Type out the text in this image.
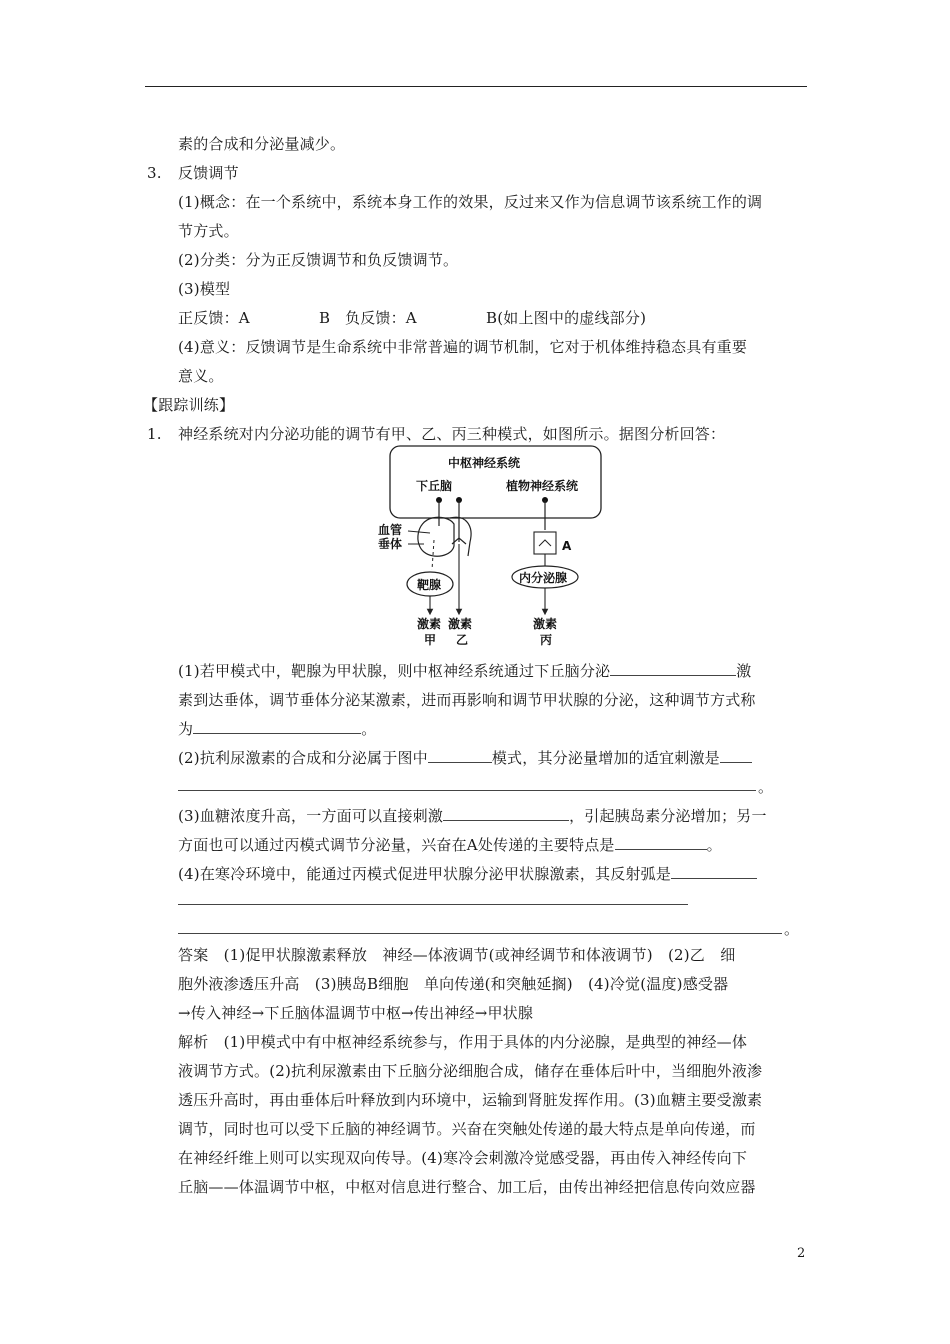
素的合成和分泌量减少。
3. 反馈调节
(1)概念：在一个系统中，系统本身工作的效果，反过来又作为信息调节该系统工作的调
节方式。
(2)分类：分为正反馈调节和负反馈调节。
(3)模型
正反馈：A	B 负反馈：A	B(如上图中的虚线部分)
(4)意义：反馈调节是生命系统中非常普遍的调节机制，它对于机体维持稳态具有重要
意义。
【跟踪训练】
1. 神经系统对内分泌功能的调节有甲、乙、丙三种模式，如图所示。据图分析回答：
中枢神经系统
下丘脑	植物神经系统
血管
垂体
靶腺
A
内分泌腺
激素 激素	激素
甲 乙	丙
(1)若甲模式中，靶腺为甲状腺，则中枢神经系统通过下丘脑分泌	激
素到达垂体，调节垂体分泌某激素，进而再影响和调节甲状腺的分泌，这种调节方式称
为	。
(2)抗利尿激素的合成和分泌属于图中	模式，其分泌量增加的适宜刺激是
。
(3)血糖浓度升高，一方面可以直接刺激	，引起胰岛素分泌增加；另一
方面也可以通过丙模式调节分泌量，兴奋在A处传递的主要特点是	。
(4)在寒冷环境中，能通过丙模式促进甲状腺分泌甲状腺激素，其反射弧是
。
答案　(1)促甲状腺激素释放　神经—体液调节(或神经调节和体液调节)　(2)乙　细
胞外液渗透压升高　(3)胰岛B细胞　单向传递(和突触延搁)　(4)冷觉(温度)感受器
→传入神经→下丘脑体温调节中枢→传出神经→甲状腺
解析　(1)甲模式中有中枢神经系统参与，作用于具体的内分泌腺，是典型的神经—体
液调节方式。(2)抗利尿激素由下丘脑分泌细胞合成，储存在垂体后叶中，当细胞外液渗
透压升高时，再由垂体后叶释放到内环境中，运输到肾脏发挥作用。(3)血糖主要受激素
调节，同时也可以受下丘脑的神经调节。兴奋在突触处传递的最大特点是单向传递，而
在神经纤维上则可以实现双向传导。(4)寒冷会刺激冷觉感受器，再由传入神经传向下
丘脑——体温调节中枢，中枢对信息进行整合、加工后，由传出神经把信息传向效应器
2
